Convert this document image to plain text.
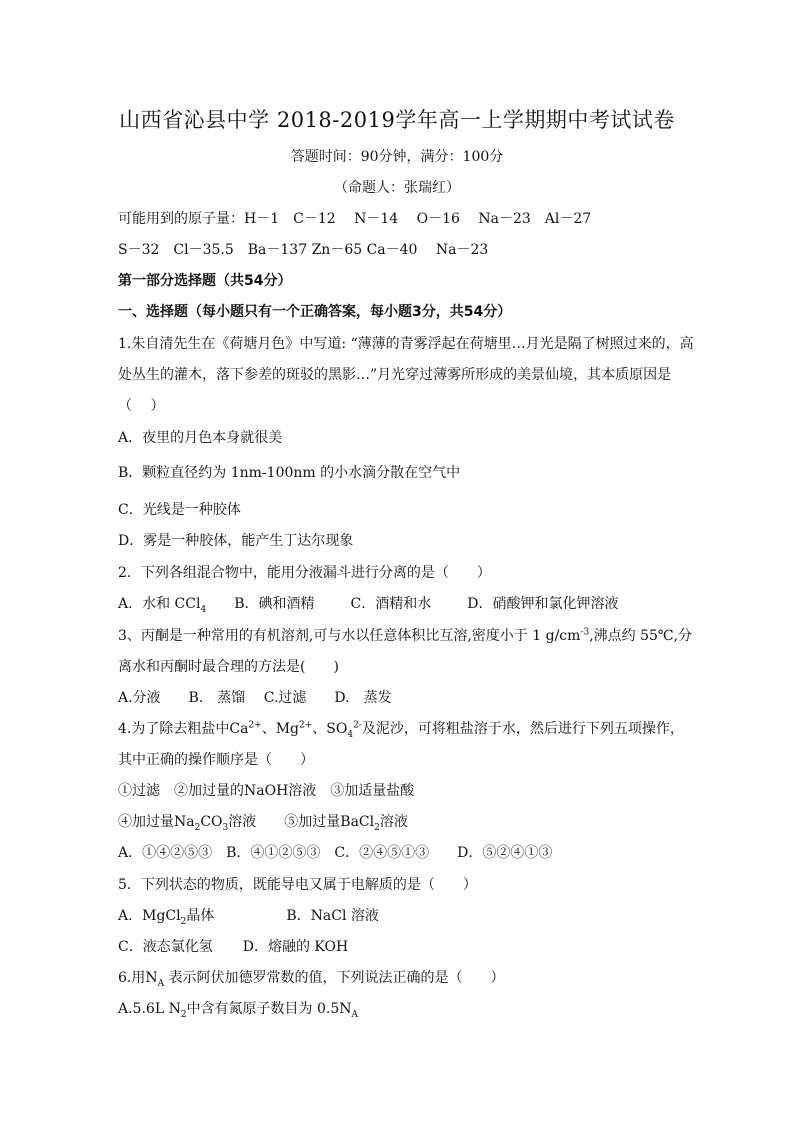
山西省沁县中学 2018-2019学年高一上学期期中考试试卷
答题时间：90分钟，满分：100分
（命题人：张瑞红）
可能用到的原子量：H－1　C－12　 N－14　 O－16　 Na－23　Al－27
S－32　Cl－35.5　Ba－137 Zn－65 Ca－40　 Na－23
第一部分选择题（共54分）
一、选择题（每小题只有一个正确答案，每小题3分，共54分）
1.朱自清先生在《荷塘月色》中写道: “薄薄的青雾浮起在荷塘里…月光是隔了树照过来的，高
处丛生的灌木，落下参差的斑驳的黑影…”月光穿过薄雾所形成的美景仙境，其本质原因是
（　 ）
A．夜里的月色本身就很美
B．颗粒直径约为 1nm-100nm 的小水滴分散在空气中
C．光线是一种胶体
D．雾是一种胶体，能产生丁达尔现象
2．下列各组混合物中，能用分液漏斗进行分离的是（　　）
A．水和 CCl$_4$ B．碘和酒精	C．酒精和水	D．硝酸钾和氯化钾溶液
3、丙酮是一种常用的有机溶剂,可与水以任意体积比互溶,密度小于 1 $g/cm^{-3}$,沸点约 55℃,分
离水和丙酮时最合理的方法是(　　)
A.分液　　B.　蒸馏　 C.过滤　　D.　蒸发
4.为了除去粗盐中$Ca^{2+}$、$Mg^{2+}$、$SO_4^{2-}$及泥沙，可将粗盐溶于水，然后进行下列五项操作，
其中正确的操作顺序是（　　）
①过滤　②加过量的NaOH溶液　③加适量盐酸
④加过量$Na_2CO_3$溶液　　⑤加过量BaCl$_2$溶液
A．①④②⑤③　B．④①②⑤③　C．②④⑤①③　　D．⑤②④①③
5．下列状态的物质，既能导电又属于电解质的是（　　）
A．MgCl$_2$晶体	B．NaCl 溶液
C．液态氯化氢 D．熔融的 KOH
6.用$N_A$ 表示阿伏加德罗常数的值，下列说法正确的是（　　）
A.5.6L $N_2$中含有氮原子数目为 $0.5N_A$
